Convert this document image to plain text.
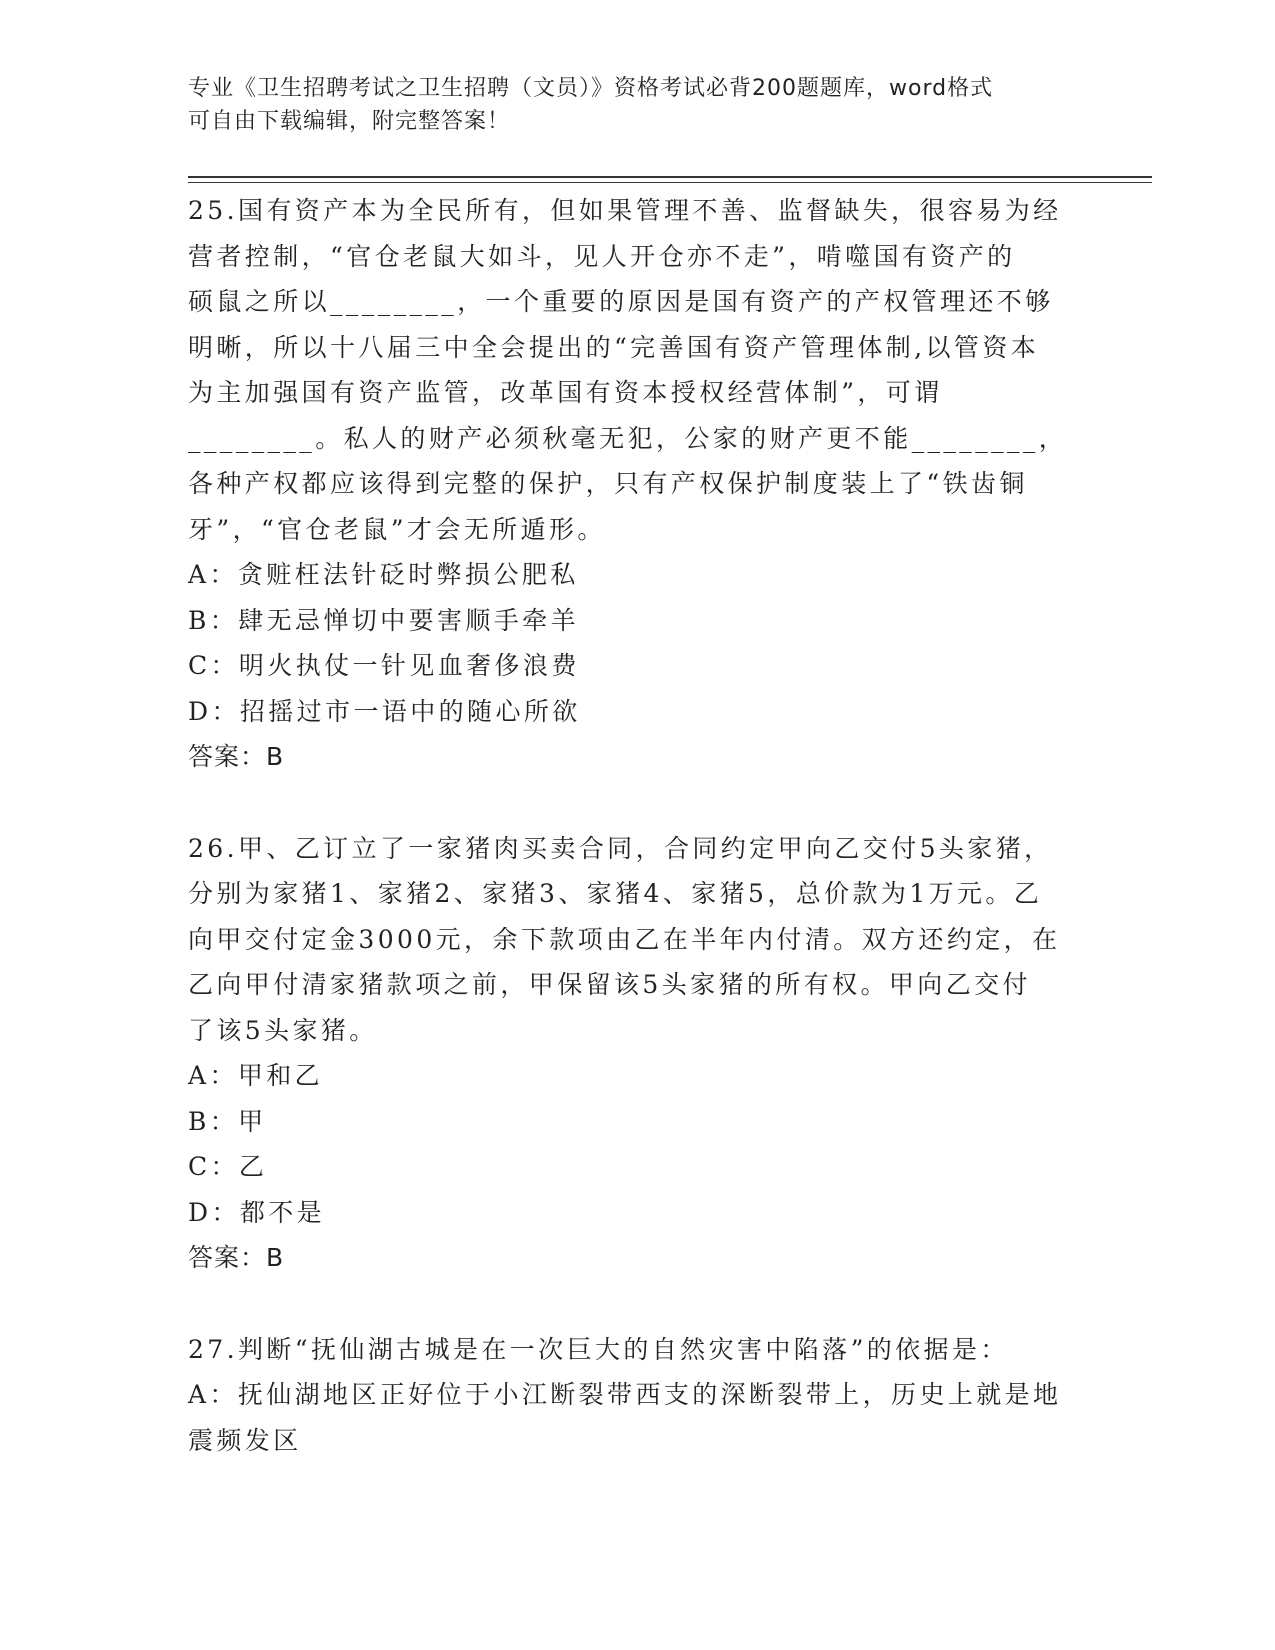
专业《卫生招聘考试之卫生招聘（文员）》资格考试必背200题题库，word格式
可自由下载编辑，附完整答案！
25 . 国有资产本为全民所有，但如果管理不善、监督缺失，很容易为经
营者控制，“官仓老鼠大如斗，见人开仓亦不走”，啃噬国有资产的
硕鼠之所以________，一个重要的原因是国有资产的产权管理还不够
明晰，所以十八届三中全会提出的“完善国有资产管理体制,以管资本
为主加强国有资产监管，改革国有资本授权经营体制”，可谓
________。私人的财产必须秋毫无犯，公家的财产更不能________，
各种产权都应该得到完整的保护，只有产权保护制度装上了“铁齿铜
牙”，“官仓老鼠”才会无所遁形。
A：贪赃枉法针砭时弊损公肥私
B：肆无忌惮切中要害顺手牵羊
C：明火执仗一针见血奢侈浪费
D：招摇过市一语中的随心所欲
答案：B
26 . 甲、乙订立了一家猪肉买卖合同，合同约定甲向乙交付5头家猪，
分别为家猪1、家猪2、家猪3、家猪4、家猪5，总价款为1万元。乙
向甲交付定金3000元，余下款项由乙在半年内付清。双方还约定，在
乙向甲付清家猪款项之前，甲保留该5头家猪的所有权。甲向乙交付
了该5头家猪。
A：甲和乙
B：甲
C：乙
D：都不是
答案：B
27 . 判断“抚仙湖古城是在一次巨大的自然灾害中陷落”的依据是：
A：抚仙湖地区正好位于小江断裂带西支的深断裂带上，历史上就是地
震频发区
